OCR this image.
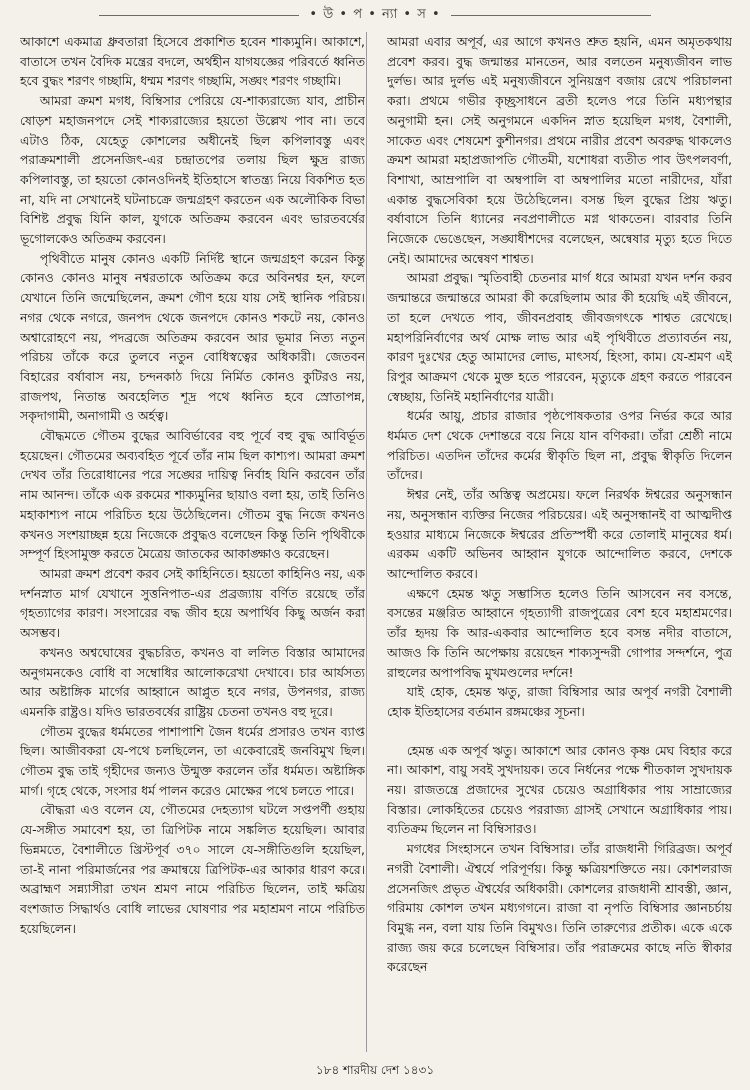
• উ • প • ন্যা • স •

আকাশে একমাত্র ধ্রুবতারা হিসেবে প্রকাশিত হবেন শাক্যমুনি। আকাশে, বাতাসে তখন বৈদিক মন্ত্রের বদলে, অর্থহীন যাগযজ্ঞের পরিবর্তে ধ্বনিত হবে বুদ্ধং শরণং গচ্ছামি, ধম্মম শরণং গচ্ছামি, সঙ্ঘং শরণং গচ্ছামি।

আমরা ক্রমশ মগধ, বিম্বিসার পেরিয়ে যে-শাক্যরাজ্যে যাব, প্রাচীন ষোড়শ মহাজনপদে সেই শাক্যরাজ্যের হয়তো উল্লেখ পাব না। তবে এটাও ঠিক, যেহেতু কোশলের অধীনেই ছিল কপিলাবস্তু এবং পরাক্রমশালী প্রসেনজিৎ-এর চন্দ্রাতপের তলায় ছিল ক্ষুদ্র রাজ্য কপিলাবস্তু, তা হয়তো কোনওদিনই ইতিহাসে স্বাতন্ত্র্য নিয়ে বিকশিত হত না, যদি না সেখানেই ঘটনাচক্রে জন্মগ্রহণ করতেন এক অলৌকিক বিভা বিশিষ্ট প্রবুদ্ধ যিনি কাল, যুগকে অতিক্রম করবেন এবং ভারতবর্ষের ভূগোলকেও অতিক্রম করবেন।

পৃথিবীতে মানুষ কোনও একটি নির্দিষ্ট স্থানে জন্মগ্রহণ করেন কিন্তু কোনও কোনও মানুষ নশ্বরতাকে অতিক্রম করে অবিনশ্বর হন, ফলে যেখানে তিনি জন্মেছিলেন, ক্রমশ গৌণ হয়ে যায় সেই স্থানিক পরিচয়। নগর থেকে নগরে, জনপদ থেকে জনপদে কোনও শকটে নয়, কোনও অশ্বারোহণে নয়, পদব্রজে অতিক্রম করবেন আর ভূমার নিত্য নতুন পরিচয় তাঁকে করে তুলবে নতুন বোধিস্বত্বের অধিকারী। জেতবন বিহারের বর্ষাবাস নয়, চন্দনকাঠ দিয়ে নির্মিত কোনও কুটিরও নয়, রাজপথ, নিতান্ত অবহেলিত শূদ্র পথে ধ্বনিত হবে স্রোতাপন্ন, সকৃদাগামী, অনাগামী ও অর্হত্ব।

বৌদ্ধমতে গৌতম বুদ্ধের আবির্ভাবের বহু পূর্বে বহু বুদ্ধ আবির্ভূত হয়েছেন। গৌতমের অব্যবহিত পূর্বে তাঁর নাম ছিল কাশ্যপ। আমরা ক্রমশ দেখব তাঁর তিরোধানের পরে সঙ্ঘের দায়িত্ব নির্বাহ যিনি করবেন তাঁর নাম আনন্দ। তাঁকে এক রকমের শাক্যমুনির ছায়াও বলা হয়, তাই তিনিও মহাকাশ্যপ নামে পরিচিত হয়ে উঠেছিলেন। গৌতম বুদ্ধ নিজে কখনও কখনও সংশয়াচ্ছন্ন হয়ে নিজেকে প্রবুদ্ধও বলেছেন কিন্তু তিনি পৃথিবীকে সম্পূর্ণ হিংসামুক্ত করতে মৈত্রেয় জাতকের আকাঙ্ক্ষাও করেছেন।

আমরা ক্রমশ প্রবেশ করব সেই কাহিনিতে। হয়তো কাহিনিও নয়, এক দর্শনস্নাত মার্গ যেখানে সুত্তনিপাত-এর প্রব্রজ্যায় বর্ণিত রয়েছে তাঁর গৃহত্যাগের কারণ। সংসারের বদ্ধ জীব হয়ে অপার্থিব কিছু অর্জন করা অসম্ভব।

কখনও অশ্বঘোষের বুদ্ধচরিত, কখনও বা ললিত বিস্তার আমাদের অনুগমনকেও বোধি বা সম্বোধির আলোকরেখা দেখাবে। চার আর্যসত্য আর অষ্টাঙ্গিক মার্গের আহ্বানে আপ্লুত হবে নগর, উপনগর, রাজ্য এমনকি রাষ্ট্রও। যদিও ভারতবর্ষের রাষ্ট্রিয় চেতনা তখনও বহু দূরে।

গৌতম বুদ্ধের ধর্মমতের পাশাপাশি জৈন ধর্মের প্রসারও তখন ব্যাপ্ত ছিল। আজীবকরা যে-পথে চলছিলেন, তা একেবারেই জনবিমুখ ছিল। গৌতম বুদ্ধ তাই গৃহীদের জন্যও উন্মুক্ত করলেন তাঁর ধর্মমত। অষ্টাঙ্গিক মার্গ। গৃহে থেকে, সংসার ধর্ম পালন করেও মোক্ষের পথে চলতে পারে।

বৌদ্ধরা এও বলেন যে, গৌতমের দেহত্যাগ ঘটলে সপ্তপর্ণী গুহায় যে-সঙ্গীত সমাবেশ হয়, তা ত্রিপিটক নামে সঙ্কলিত হয়েছিল। আবার ভিন্নমতে, বৈশালীতে খ্রিস্টপূর্ব ৩৭০ সালে যে-সঙ্গীতিগুলি হয়েছিল, তা-ই নানা পরিমার্জনের পর ক্রমান্বয়ে ত্রিপিটক-এর আকার ধারণ করে। অব্রাহ্মণ সন্ন্যাসীরা তখন শ্রমণ নামে পরিচিত ছিলেন, তাই ক্ষত্রিয় বংশজাত সিদ্ধার্থও বোধি লাভের ঘোষণার পর মহাশ্রমণ নামে পরিচিত হয়েছিলেন।

আমরা এবার অপূর্ব, এর আগে কখনও শ্রুত হয়নি, এমন অমৃতকথায় প্রবেশ করব। বুদ্ধ জন্মান্তর মানতেন, আর বলতেন মনুষ্যজীবন লাভ দুর্লভ। আর দুর্লভ এই মনুষ্যজীবনে সুনিয়ন্ত্রণ বজায় রেখে পরিচালনা করা। প্রথমে গভীর কৃচ্ছ্রসাধনে ব্রতী হলেও পরে তিনি মধ্যপন্থার অনুগামী হন। সেই অনুগমনে একদিন স্নাত হয়েছিল মগধ, বৈশালী, সাকেত এবং শেষমেশ কুশীনগর। প্রথমে নারীর প্রবেশ অবরুদ্ধ থাকলেও ক্রমশ আমরা মহাপ্রজাপতি গৌতমী, যশোধরা ব্যতীত পাব উৎপলবর্ণা, বিশাখা, আম্রপালি বা অম্বপালি বা অম্বপালির মতো নারীদের, যাঁরা একান্ত বুদ্ধসেবিকা হয়ে উঠেছিলেন। বসন্ত ছিল বুদ্ধের প্রিয় ঋতু। বর্ষাবাসে তিনি ধ্যানের নবপ্রণালীতে মগ্ন থাকতেন। বারবার তিনি নিজেকে ভেঙেছেন, সঙ্ঘাধীশদের বলেছেন, অন্বেষার মৃত্যু হতে দিতে নেই। আমাদের অন্বেষণ শাশ্বত।

আমরা প্রবুদ্ধ। স্মৃতিবাহী চেতনার মার্গ ধরে আমরা যখন দর্শন করব জন্মান্তরে জন্মান্তরে আমরা কী করেছিলাম আর কী হয়েছি এই জীবনে, তা হলে দেখতে পাব, জীবনপ্রবাহ জীবজগৎকে শাশ্বত রেখেছে। মহাপরিনির্বাণের অর্থ মোক্ষ লাভ আর এই পৃথিবীতে প্রত্যাবর্তন নয়, কারণ দুঃখের হেতু আমাদের লোভ, মাৎসর্য, হিংসা, কাম। যে-শ্রমণ এই রিপুর আক্রমণ থেকে মুক্ত হতে পারবেন, মৃত্যুকে গ্রহণ করতে পারবেন স্বেচ্ছায়, তিনিই মহানির্বাণের যাত্রী।

ধর্মের আয়ু, প্রচার রাজার পৃষ্ঠপোষকতার ওপর নির্ভর করে আর ধর্মমত দেশ থেকে দেশান্তরে বয়ে নিয়ে যান বণিকরা। তাঁরা শ্রেষ্ঠী নামে পরিচিত। এতদিন তাঁদের কর্মের স্বীকৃতি ছিল না, প্রবুদ্ধ স্বীকৃতি দিলেন তাঁদের।

ঈশ্বর নেই, তাঁর অস্তিত্ব অপ্রমেয়। ফলে নিরর্থক ঈশ্বরের অনুসন্ধান নয়, অনুসন্ধান ব্যক্তির নিজের পরিচয়ের। এই অনুসন্ধানই বা আত্মদীপ্ত হওয়ার মাধ্যমে নিজেকে ঈশ্বরের প্রতিস্পর্ধী করে তোলাই মানুষের ধর্ম। এরকম একটি অভিনব আহ্বান যুগকে আন্দোলিত করবে, দেশকে আন্দোলিত করবে।

এক্ষণে হেমন্ত ঋতু সম্ভাসিত হলেও তিনি আসবেন নব বসন্তে, বসন্তের মঞ্জরিত আহ্বানে গৃহত্যাগী রাজপুত্রের বেশ হবে মহাশ্রমণের। তাঁর হৃদয় কি আর-একবার আন্দোলিত হবে বসন্ত নদীর বাতাসে, আজও কি তিনি অপেক্ষায় রয়েছেন শাক্যসুন্দরী গোপার সন্দর্শনে, পুত্র রাহুলের অপাপবিদ্ধ মুখমণ্ডলের দর্শনে!

যাই হোক, হেমন্ত ঋতু, রাজা বিম্বিসার আর অপূর্ব নগরী বৈশালী হোক ইতিহাসের বর্তমান রঙ্গমঞ্চের সূচনা।

হেমন্ত এক অপূর্ব ঋতু। আকাশে আর কোনও কৃষ্ণ মেঘ বিহার করে না। আকাশ, বায়ু সবই সুখদায়ক। তবে নির্ধনের পক্ষে শীতকাল সুখদায়ক নয়। রাজতন্ত্রে প্রজাদের সুখের চেয়েও অগ্রাধিকার পায় সাম্রাজ্যের বিস্তার। লোকহিতের চেয়েও পররাজ্য গ্রাসই সেখানে অগ্রাধিকার পায়। ব্যতিক্রম ছিলেন না বিম্বিসারও।

মগধের সিংহাসনে তখন বিম্বিসার। তাঁর রাজধানী গিরিব্রজ। অপূর্ব নগরী বৈশালী। ঐশ্বর্যে পরিপূর্ণয়। কিন্তু ক্ষত্রিয়শক্তিতে নয়। কোশলরাজ প্রসেনজিৎ প্রভৃত ঐশ্বর্যের অধিকারী। কোশলের রাজধানী শ্রাবস্তী, জ্ঞান, গরিমায় কোশল তখন মধ্যগগনে। রাজা বা নৃপতি বিম্বিসার জ্ঞানচর্চায় বিমুগ্ধ নন, বলা যায় তিনি বিমুখও। তিনি তারুণ্যের প্রতীক। একে একে রাজ্য জয় করে চলেছেন বিম্বিসার। তাঁর পরাক্রমের কাছে নতি স্বীকার করেছেন

১৮৪ শারদীয় দেশ ১৪৩১
